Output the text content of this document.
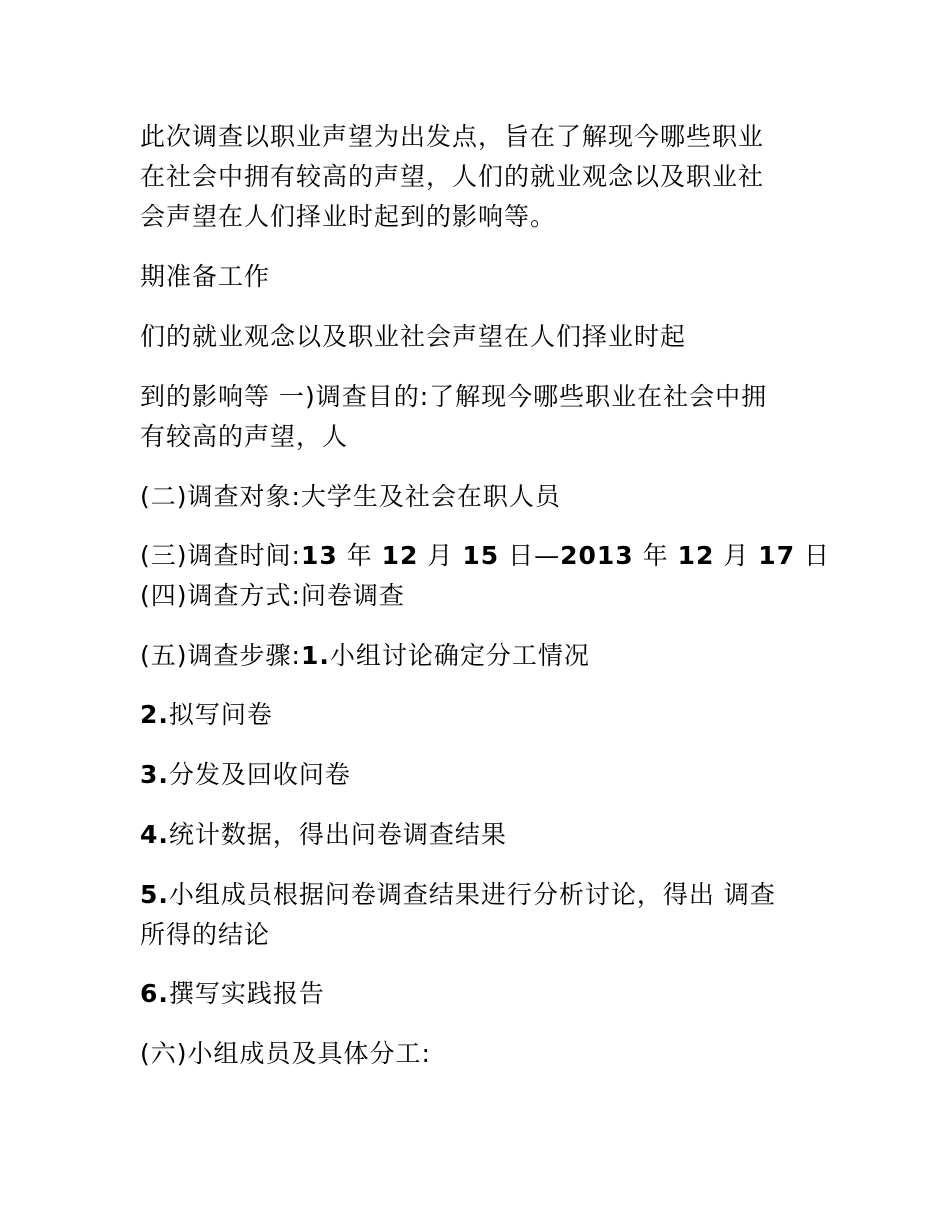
此次调查以职业声望为出发点，旨在了解现今哪些职业
在社会中拥有较高的声望，人们的就业观念以及职业社
会声望在人们择业时起到的影响等。
期准备工作
们的就业观念以及职业社会声望在人们择业时起
到的影响等 一)调查目的:了解现今哪些职业在社会中拥
有较高的声望，人
(二)调查对象:大学生及社会在职人员
(三)调查时间:13 年 12 月 15 日—2013 年 12 月 17 日
(四)调查方式:问卷调查
(五)调查步骤:1.小组讨论确定分工情况
2.拟写问卷
3.分发及回收问卷
4.统计数据，得出问卷调查结果
5.小组成员根据问卷调查结果进行分析讨论，得出 调查
所得的结论
6.撰写实践报告
(六)小组成员及具体分工:
